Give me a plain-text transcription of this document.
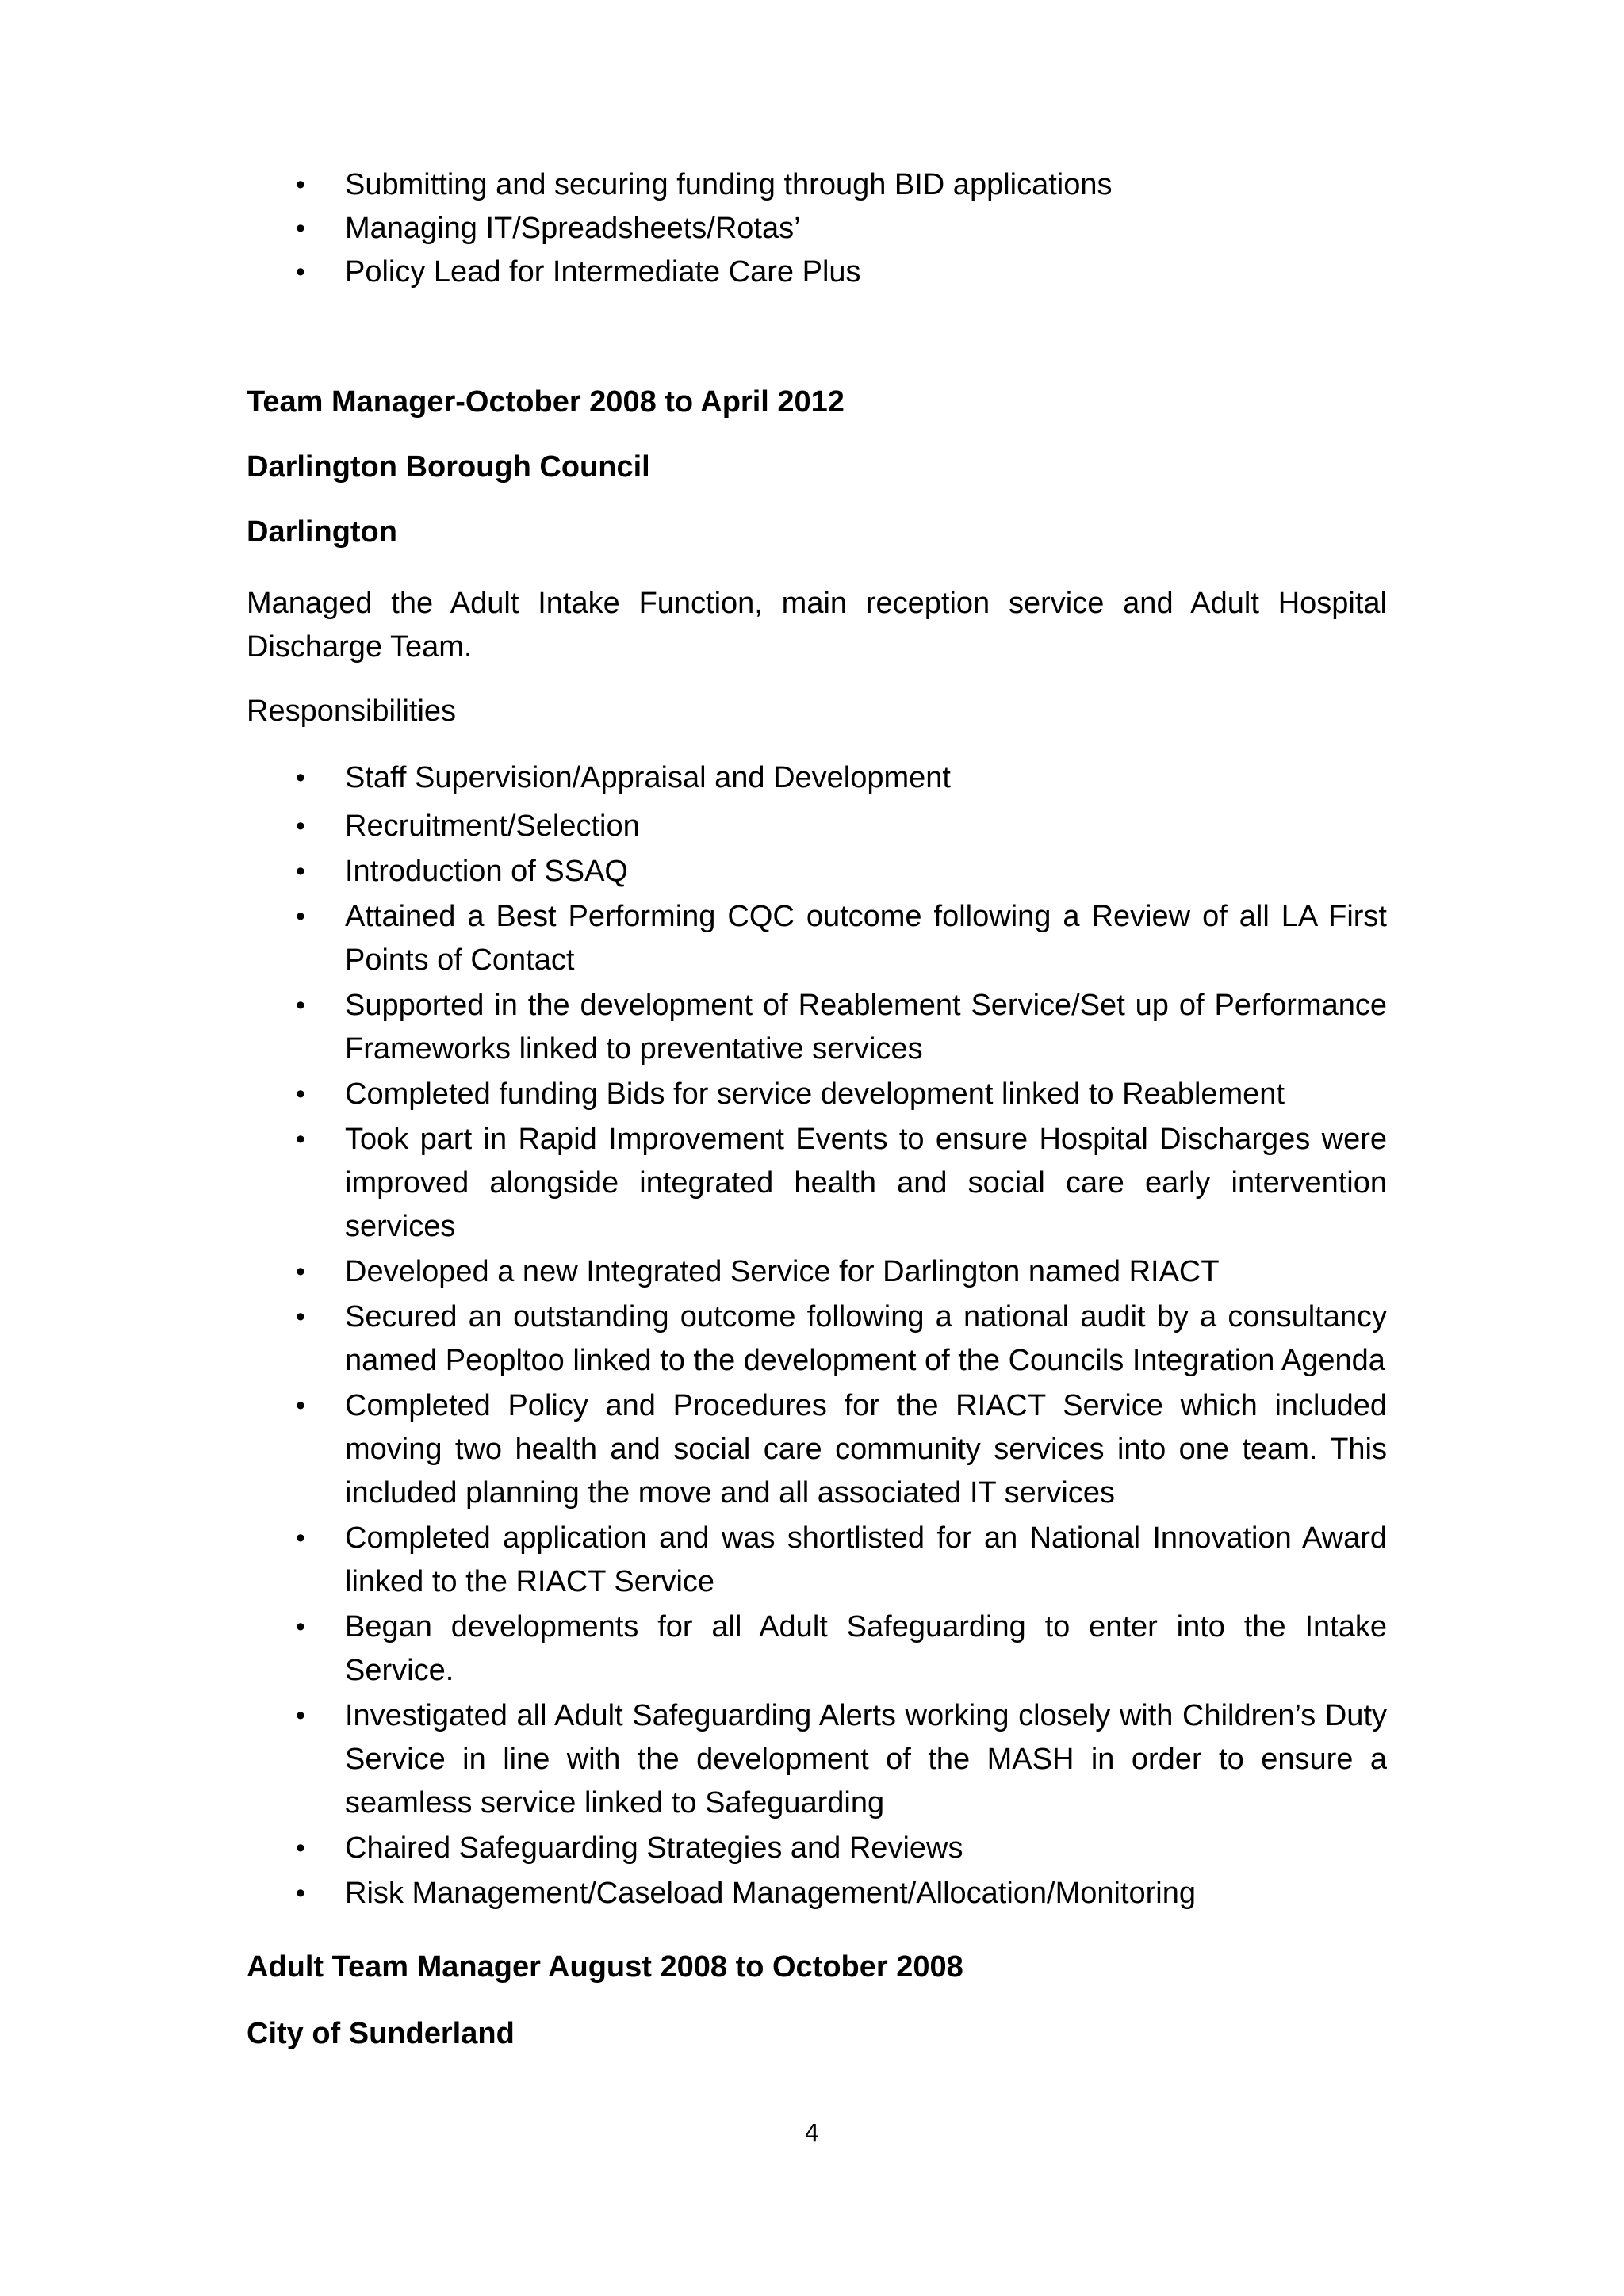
• Submitting and securing funding through BID applications
• Managing IT/Spreadsheets/Rotas’
• Policy Lead for Intermediate Care Plus

Team Manager-October 2008 to April 2012

Darlington Borough Council

Darlington

Managed the Adult Intake Function, main reception service and Adult Hospital Discharge Team.

Responsibilities

• Staff Supervision/Appraisal and Development
• Recruitment/Selection
• Introduction of SSAQ
• Attained a Best Performing CQC outcome following a Review of all LA First Points of Contact
• Supported in the development of Reablement Service/Set up of Performance Frameworks linked to preventative services
• Completed funding Bids for service development linked to Reablement
• Took part in Rapid Improvement Events to ensure Hospital Discharges were improved alongside integrated health and social care early intervention services
• Developed a new Integrated Service for Darlington named RIACT
• Secured an outstanding outcome following a national audit by a consultancy named Peopltoo linked to the development of the Councils Integration Agenda
• Completed Policy and Procedures for the RIACT Service which included moving two health and social care community services into one team. This included planning the move and all associated IT services
• Completed application and was shortlisted for an National Innovation Award linked to the RIACT Service
• Began developments for all Adult Safeguarding to enter into the Intake Service.
• Investigated all Adult Safeguarding Alerts working closely with Children’s Duty Service in line with the development of the MASH in order to ensure a seamless service linked to Safeguarding
• Chaired Safeguarding Strategies and Reviews
• Risk Management/Caseload Management/Allocation/Monitoring

Adult Team Manager August 2008 to October 2008

City of Sunderland

4
